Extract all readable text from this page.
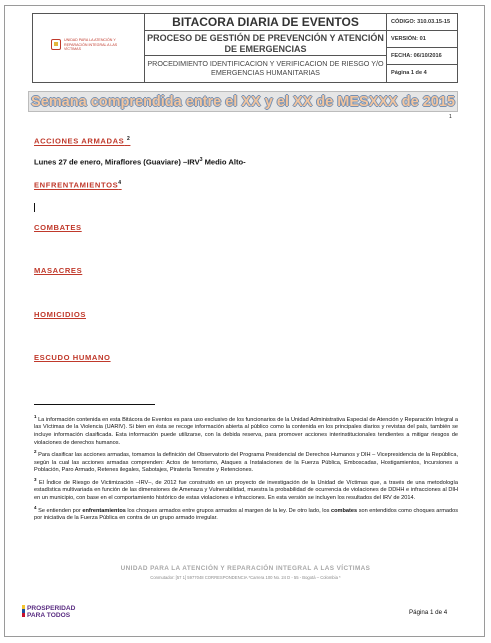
UNIDAD PARA LA ATENCIÓN Y REPARACIÓN INTEGRAL A LAS VÍCTIMAS
BITACORA DIARIA DE EVENTOS
PROCESO DE GESTIÓN DE PREVENCIÓN Y ATENCIÓN DE EMERGENCIAS
PROCEDIMIENTO IDENTIFICACION Y VERIFICACION DE RIESGO Y/O EMERGENCIAS HUMANITARIAS
CÓDIGO: 310.03.15-15
VERSIÓN: 01
FECHA: 06/10/2016
Página 1 de 4
Semana comprendida entre el XX y el XX de MESXXX de 2015
1
ACCIONES ARMADAS $^2$
Lunes 27 de enero, Miraflores (Guaviare) –IRV$^3$ Medio Alto-
ENFRENTAMIENTOS$^4$
COMBATES
MASACRES
HOMICIDIOS
ESCUDO HUMANO

$^1$ La información contenida en esta Bitácora de Eventos es para uso exclusivo de los funcionarios de la Unidad Administrativa Especial de Atención y Reparación Integral a las Víctimas de la Violencia (UARIV). Si bien en ésta se recoge información abierta al público como la contenida en los principales diarios y revistas del país, también se incluye información clasificada. Esta información puede utilizarse, con la debida reserva, para promover acciones interinstitucionales tendientes a mitigar riesgos de violaciones de derechos humanos.

$^2$ Para clasificar las acciones armadas, tomamos la definición del Observatorio del Programa Presidencial de Derechos Humanos y DIH – Vicepresidencia de la República, según la cual las acciones armadas comprenden: Actos de terrorismo, Ataques a Instalaciones de la Fuerza Pública, Emboscadas, Hostigamientos, Incursiones a Población, Paro Armado, Retenes ilegales, Sabotajes, Piratería Terrestre y Retenciones.

$^3$ El Índice de Riesgo de Victimización –IRV–, de 2012 fue construido en un proyecto de investigación de la Unidad de Víctimas que, a través de una metodología estadística multivariada en función de las dimensiones de Amenaza y Vulnerabilidad, muestra la probabilidad de ocurrencia de violaciones de DDHH e infracciones al DIH en un municipio, con base en el comportamiento histórico de estas violaciones e infracciones. En esta versión se incluyen los resultados del IRV de 2014.

$^4$ Se entienden por enfrentamientos los choques armados entre grupos armados al margen de la ley. De otro lado, los combates son entendidos como choques armados por iniciativa de la Fuerza Pública en contra de un grupo armado irregular.

UNIDAD PARA LA ATENCIÓN Y REPARACIÓN INTEGRAL A LAS VÍCTIMAS
Conmutador: [57 1] 5977048 CORRESPONDENCIA *Carrera 100 No. 24 D - 55 - Bogotá – Colombia *
PROSPERIDAD
PARA TODOS	Página 1 de 4
